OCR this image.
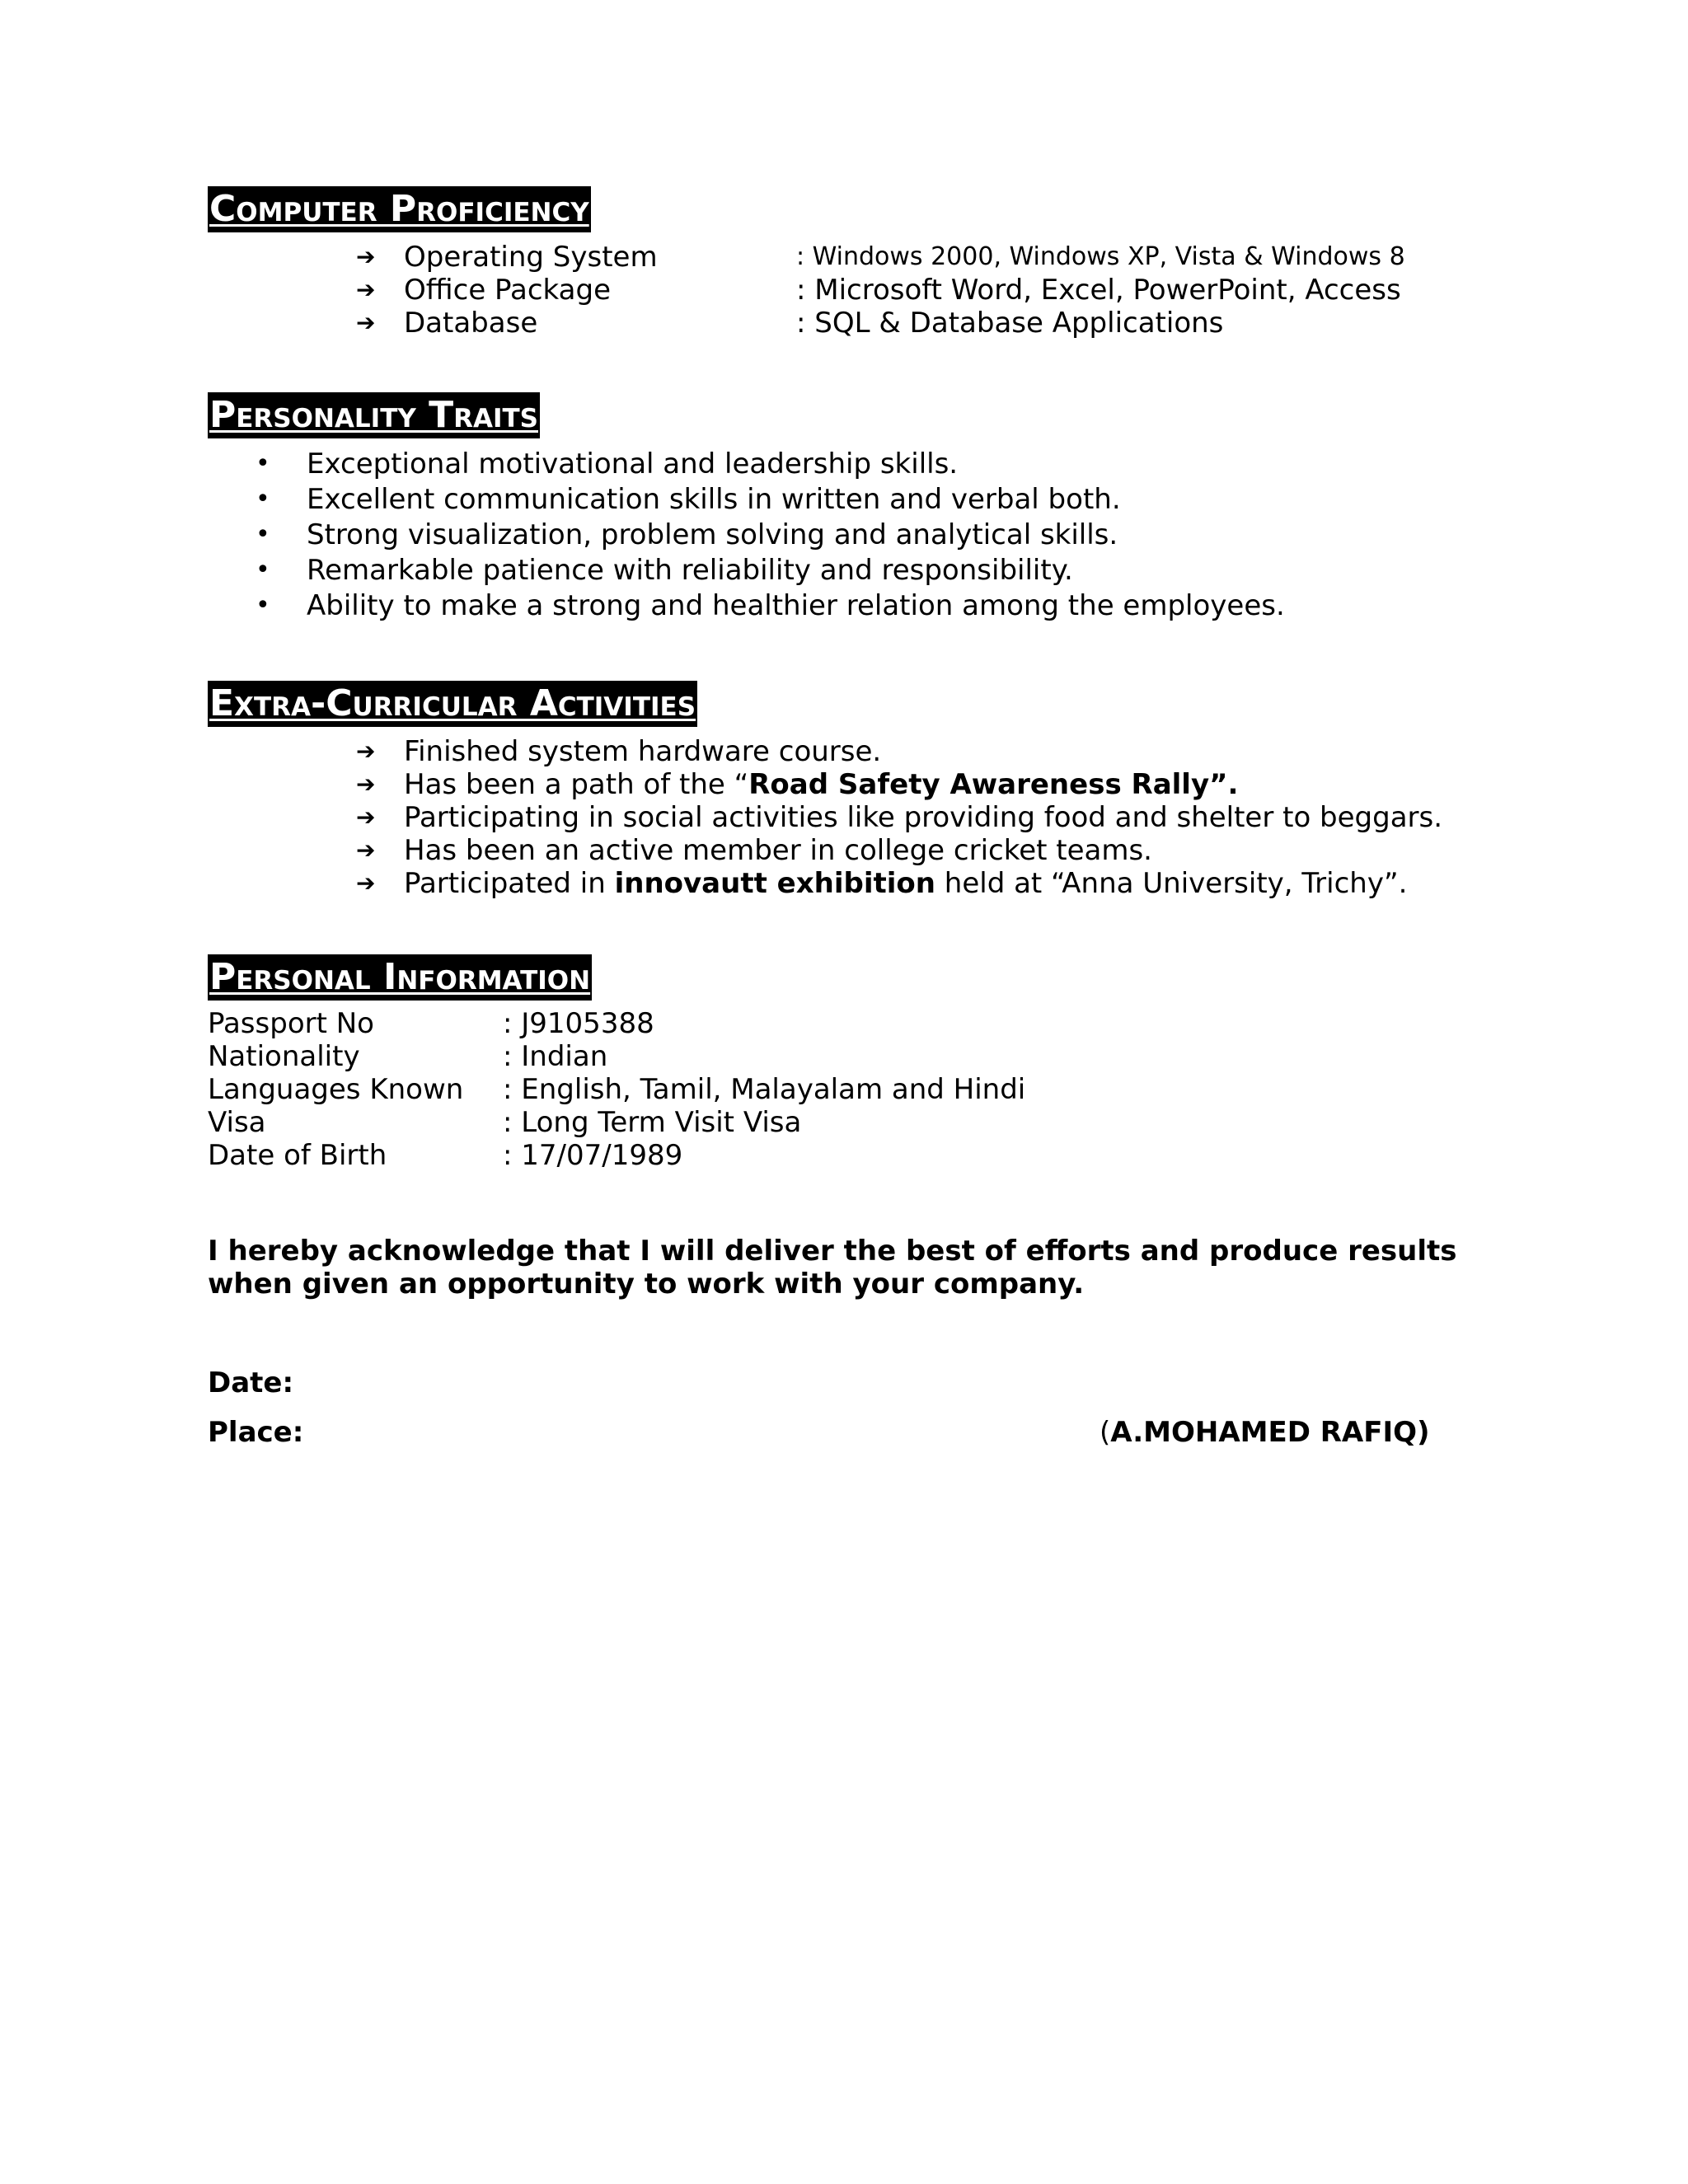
Computer Proficiency
➔ Operating System	: Windows 2000, Windows XP, Vista & Windows 8
➔ Office Package	: Microsoft Word, Excel, PowerPoint, Access
➔ Database	: SQL & Database Applications
Personality Traits
• Exceptional motivational and leadership skills.
• Excellent communication skills in written and verbal both.
• Strong visualization, problem solving and analytical skills.
• Remarkable patience with reliability and responsibility.
• Ability to make a strong and healthier relation among the employees.
Extra-Curricular Activities
➔ Finished system hardware course.
➔ Has been a path of the “Road Safety Awareness Rally”.
➔ Participating in social activities like providing food and shelter to beggars.
➔ Has been an active member in college cricket teams.
➔ Participated in innovautt exhibition held at “Anna University, Trichy”.
Personal Information
Passport No	: J9105388
Nationality	: Indian
Languages Known : English, Tamil, Malayalam and Hindi
Visa	: Long Term Visit Visa
Date of Birth	: 17/07/1989
I hereby acknowledge that I will deliver the best of efforts and produce results
when given an opportunity to work with your company.
Date:
Place:	(A.MOHAMED RAFIQ)
